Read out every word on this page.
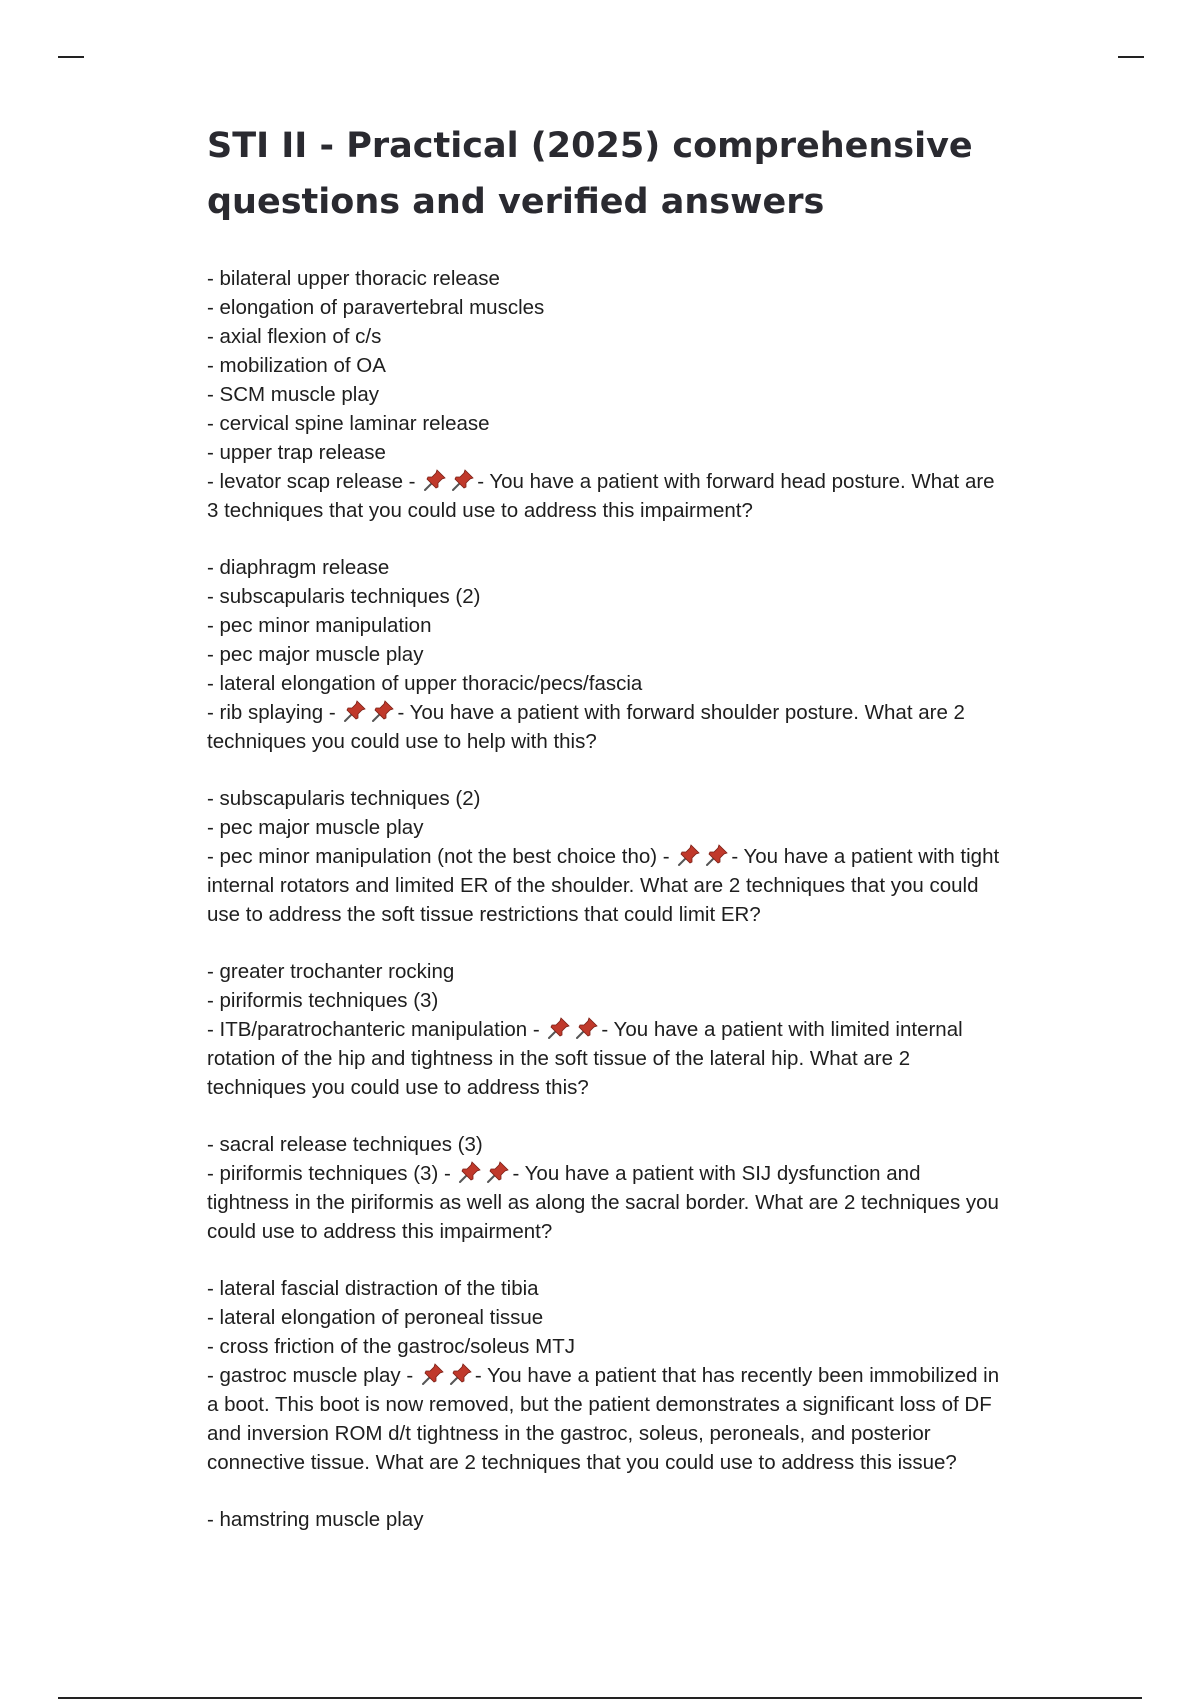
STI II - Practical (2025) comprehensive
questions and verified answers
- bilateral upper thoracic release
- elongation of paravertebral muscles
- axial flexion of c/s
- mobilization of OA
- SCM muscle play
- cervical spine laminar release
- upper trap release
- levator scap release -	- You have a patient with forward head posture. What are 3 techniques that you could use to address this impairment?
- diaphragm release
- subscapularis techniques (2)
- pec minor manipulation
- pec major muscle play
- lateral elongation of upper thoracic/pecs/fascia
- rib splaying -	- You have a patient with forward shoulder posture. What are 2 techniques you could use to help with this?
- subscapularis techniques (2)
- pec major muscle play
- pec minor manipulation (not the best choice tho) -	- You have a patient with tight internal rotators and limited ER of the shoulder. What are 2 techniques that you could use to address the soft tissue restrictions that could limit ER?
- greater trochanter rocking
- piriformis techniques (3)
- ITB/paratrochanteric manipulation -	- You have a patient with limited internal rotation of the hip and tightness in the soft tissue of the lateral hip. What are 2 techniques you could use to address this?
- sacral release techniques (3)
- piriformis techniques (3) -	- You have a patient with SIJ dysfunction and tightness in the piriformis as well as along the sacral border. What are 2 techniques you could use to address this impairment?
- lateral fascial distraction of the tibia
- lateral elongation of peroneal tissue
- cross friction of the gastroc/soleus MTJ
- gastroc muscle play -	- You have a patient that has recently been immobilized in a boot. This boot is now removed, but the patient demonstrates a significant loss of DF and inversion ROM d/t tightness in the gastroc, soleus, peroneals, and posterior connective tissue. What are 2 techniques that you could use to address this issue?
- hamstring muscle play
